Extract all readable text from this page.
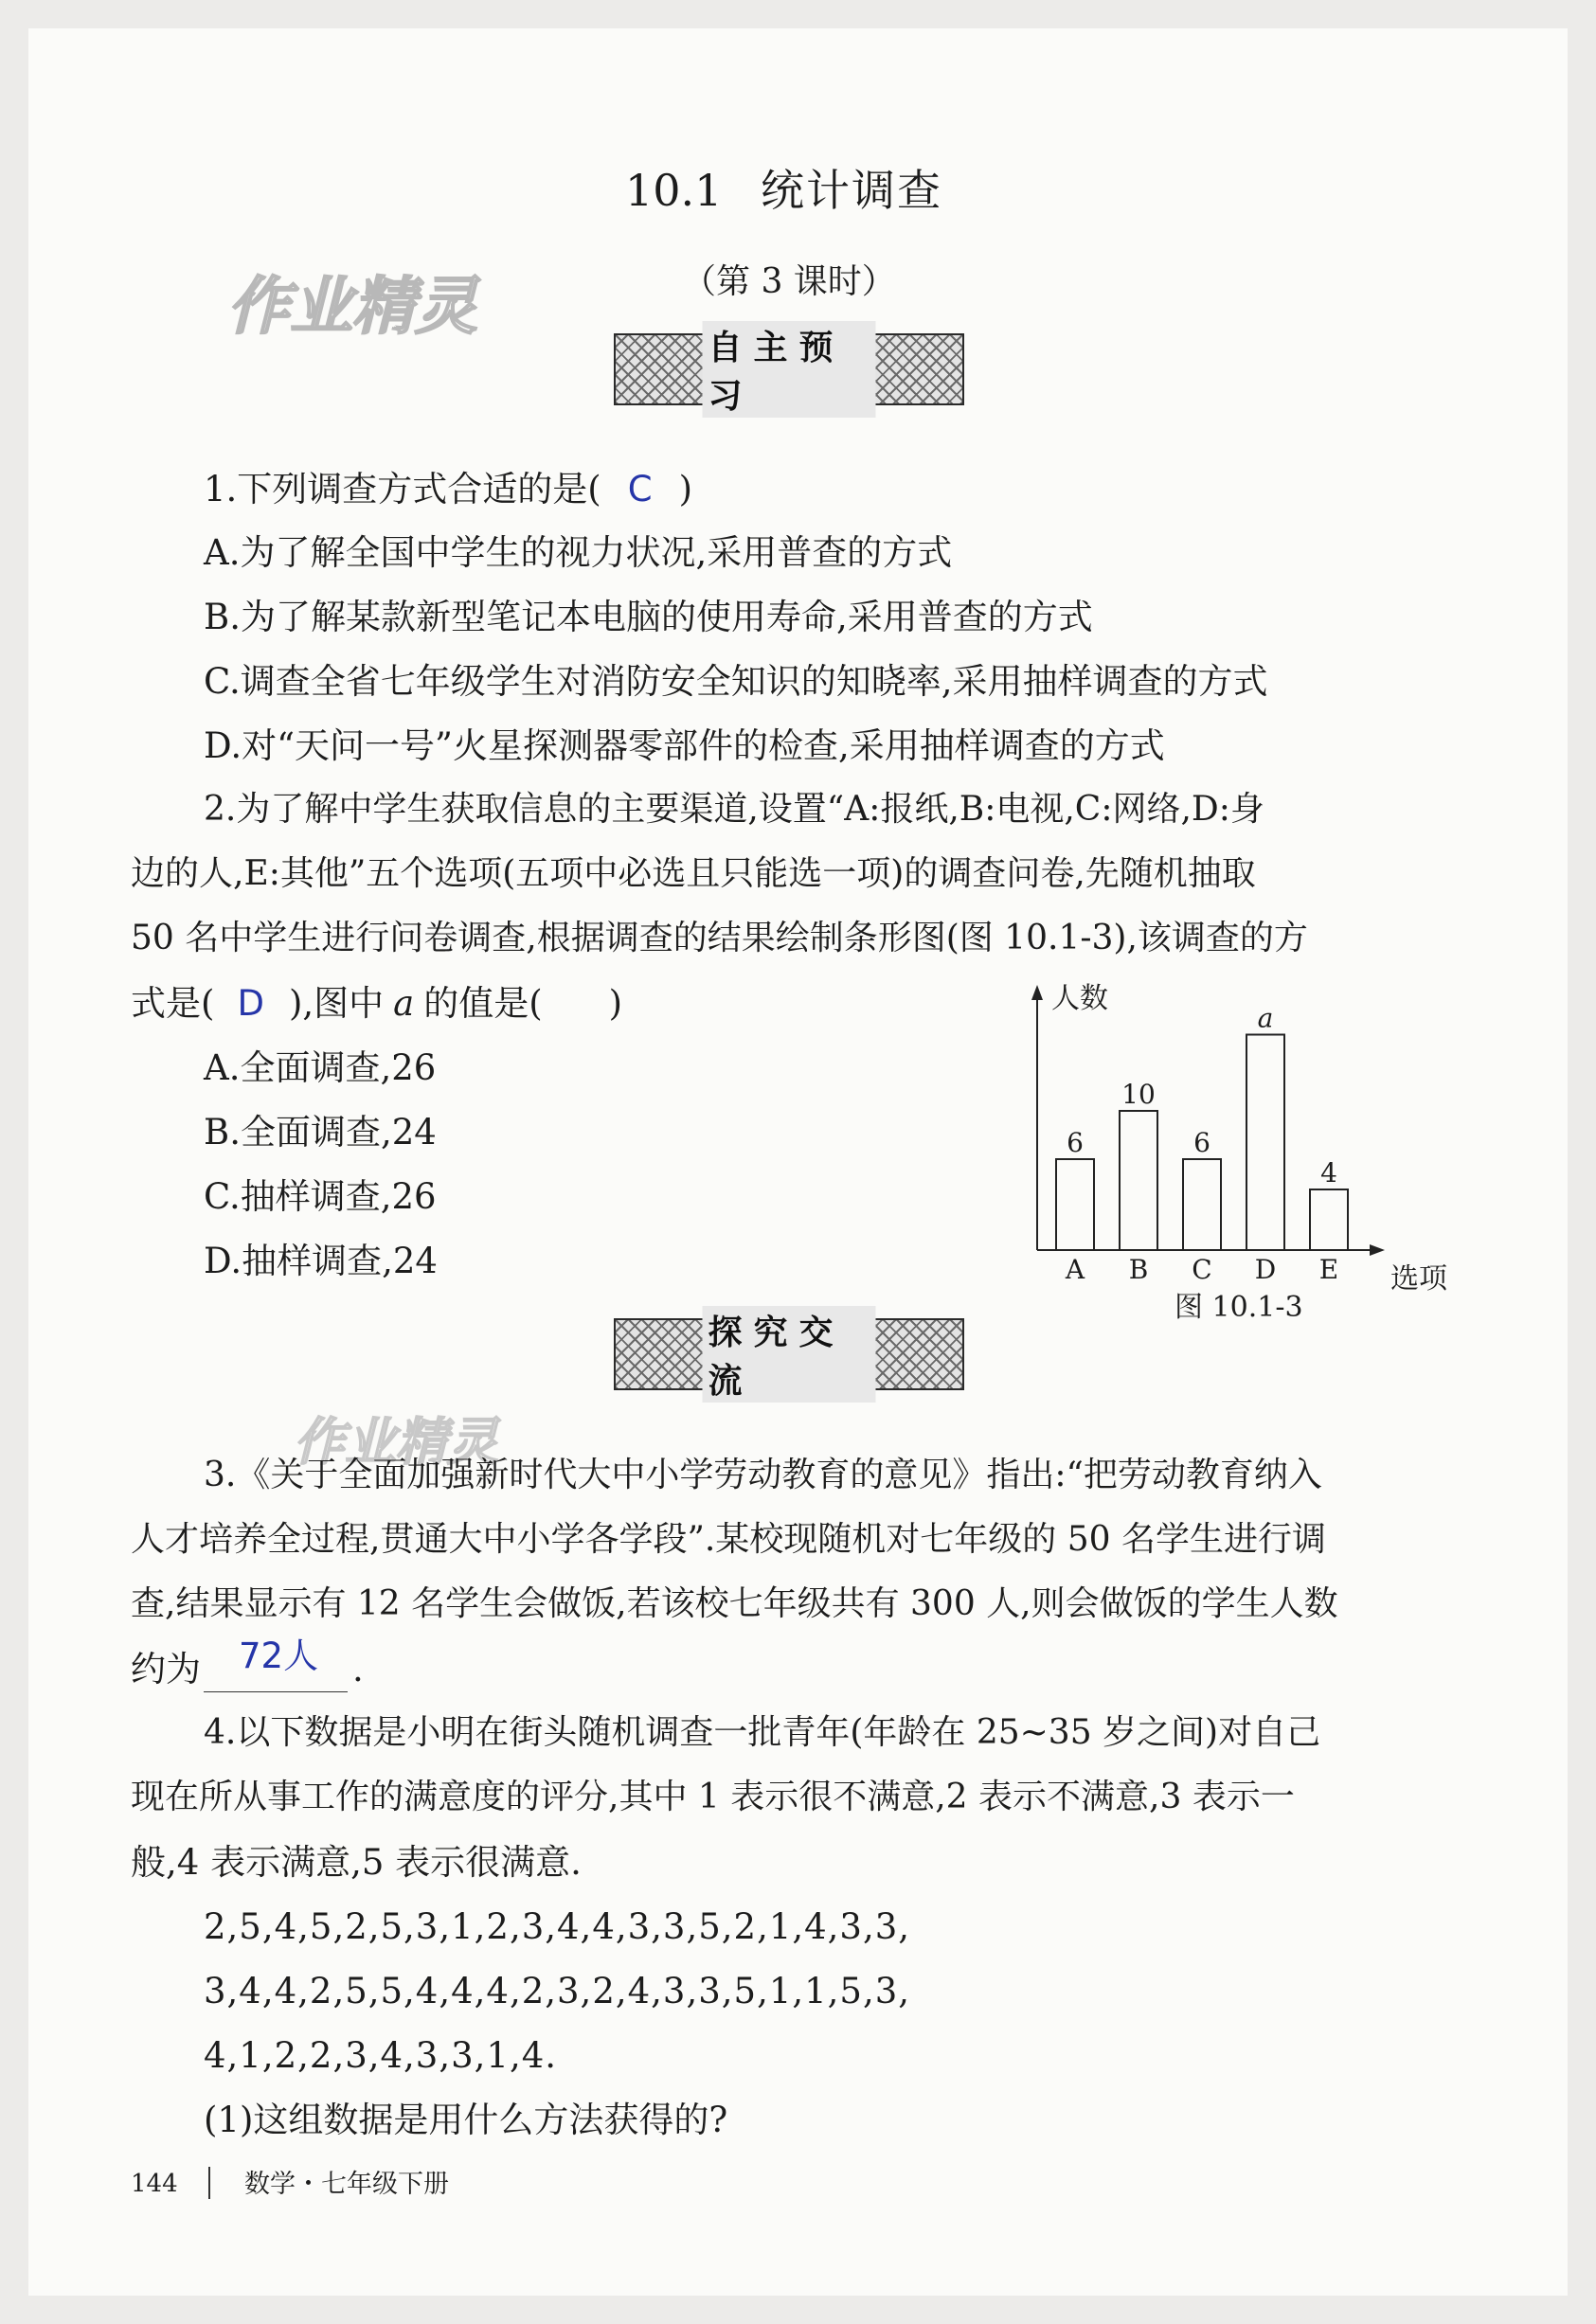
作业精灵
作业精灵
10.1 统计调查
（第 3 课时）
自主预习
1.下列调查方式合适的是( C )
A.为了解全国中学生的视力状况,采用普查的方式
B.为了解某款新型笔记本电脑的使用寿命,采用普查的方式
C.调查全省七年级学生对消防安全知识的知晓率,采用抽样调查的方式
D.对“天问一号”火星探测器零部件的检查,采用抽样调查的方式
2.为了解中学生获取信息的主要渠道,设置“A:报纸,B:电视,C:网络,D:身
边的人,E:其他”五个选项(五项中必选且只能选一项)的调查问卷,先随机抽取
50 名中学生进行问卷调查,根据调查的结果绘制条形图(图 10.1-3),该调查的方
式是( D ),图中 a 的值是( )
A.全面调查,26
B.全面调查,24
C.抽样调查,26
D.抽样调查,24
6
A
10
B
6
C
a
D
4
E
人数
选项
图 10.1-3
探究交流
3.《关于全面加强新时代大中小学劳动教育的意见》指出:“把劳动教育纳入
人才培养全过程,贯通大中小学各学段”.某校现随机对七年级的 50 名学生进行调
查,结果显示有 12 名学生会做饭,若该校七年级共有 300 人,则会做饭的学生人数
约为 72人 .
4.以下数据是小明在街头随机调查一批青年(年龄在 25~35 岁之间)对自己
现在所从事工作的满意度的评分,其中 1 表示很不满意,2 表示不满意,3 表示一
般,4 表示满意,5 表示很满意.
2,5,4,5,2,5,3,1,2,3,4,4,3,3,5,2,1,4,3,3,
3,4,4,2,5,5,4,4,4,2,3,2,4,3,3,5,1,1,5,3,
4,1,2,2,3,4,3,3,1,4.
(1)这组数据是用什么方法获得的?
144	数学・七年级下册
